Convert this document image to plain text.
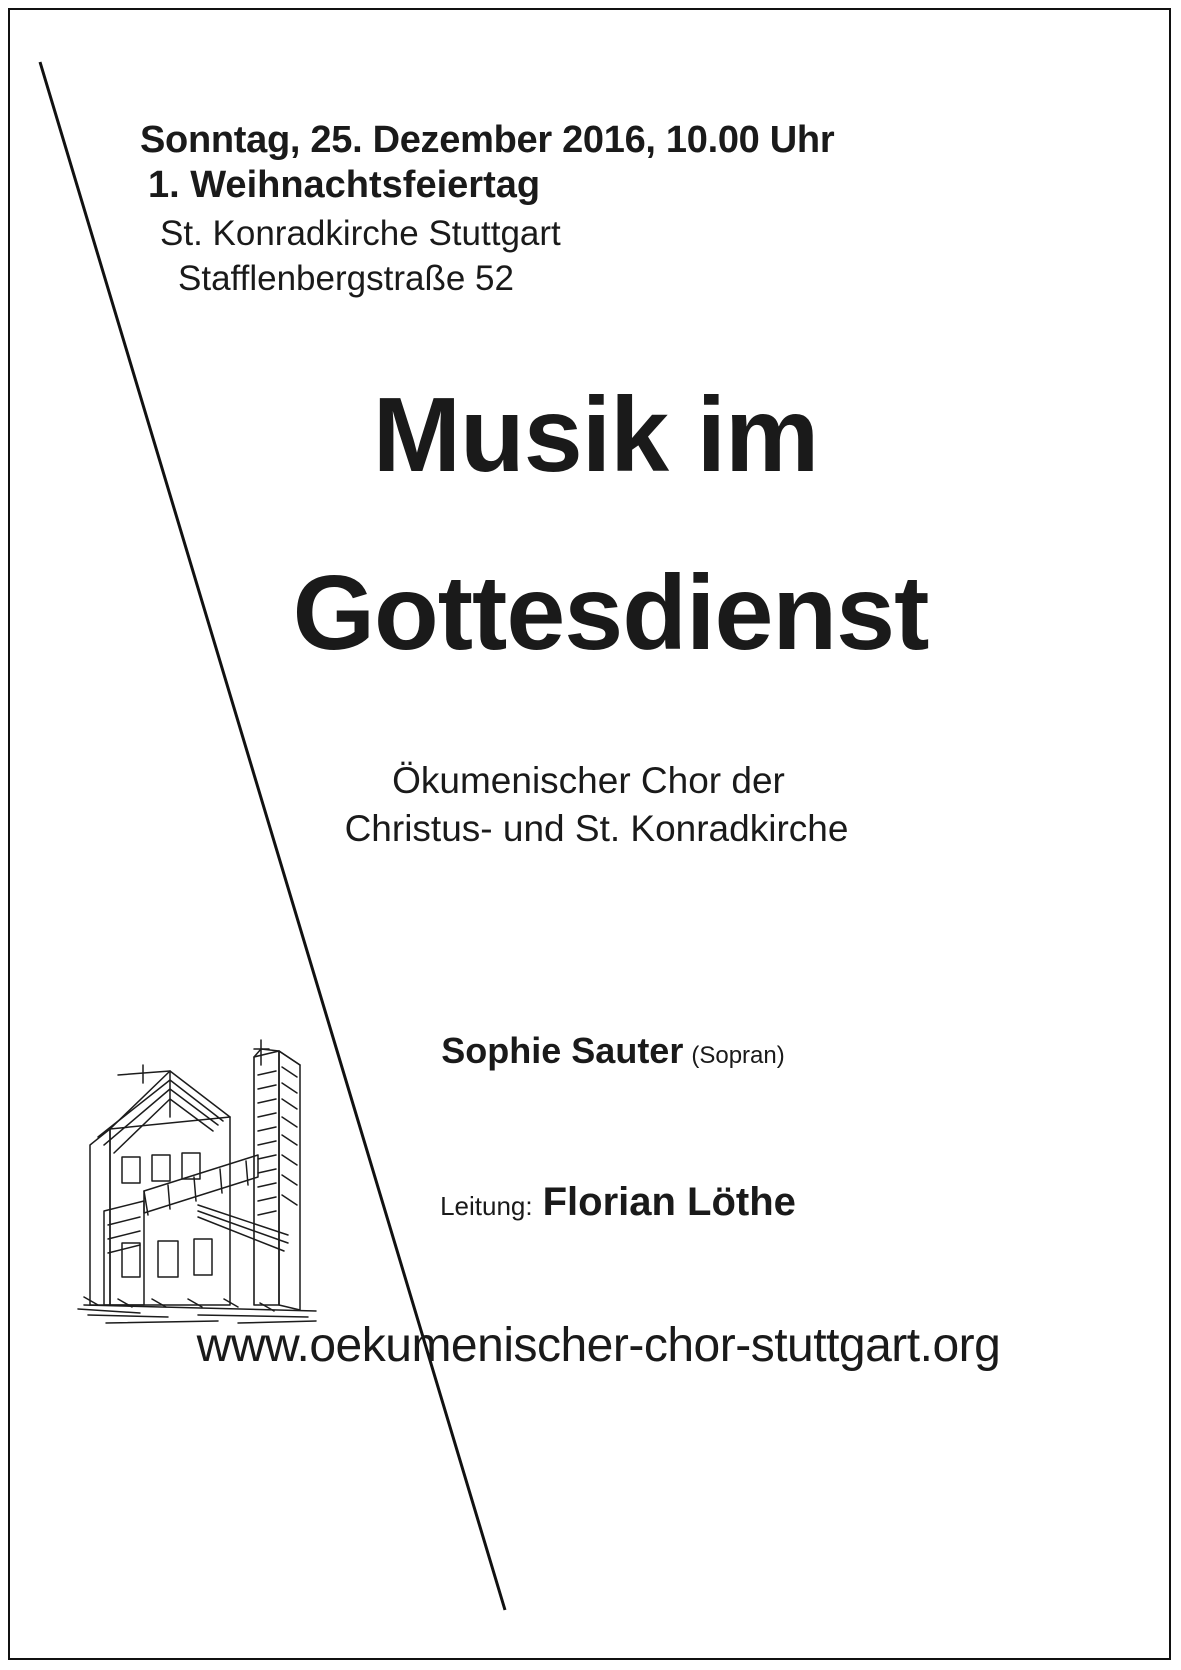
Sonntag, 25. Dezember 2016, 10.00 Uhr
1. Weihnachtsfeiertag
St. Konradkirche Stuttgart
Stafflenbergstraße 52
Musik im
Gottesdienst
Ökumenischer Chor der
Christus- und St. Konradkirche
Sophie Sauter (Sopran)
Leitung: Florian Löthe
www.oekumenischer-chor-stuttgart.org
